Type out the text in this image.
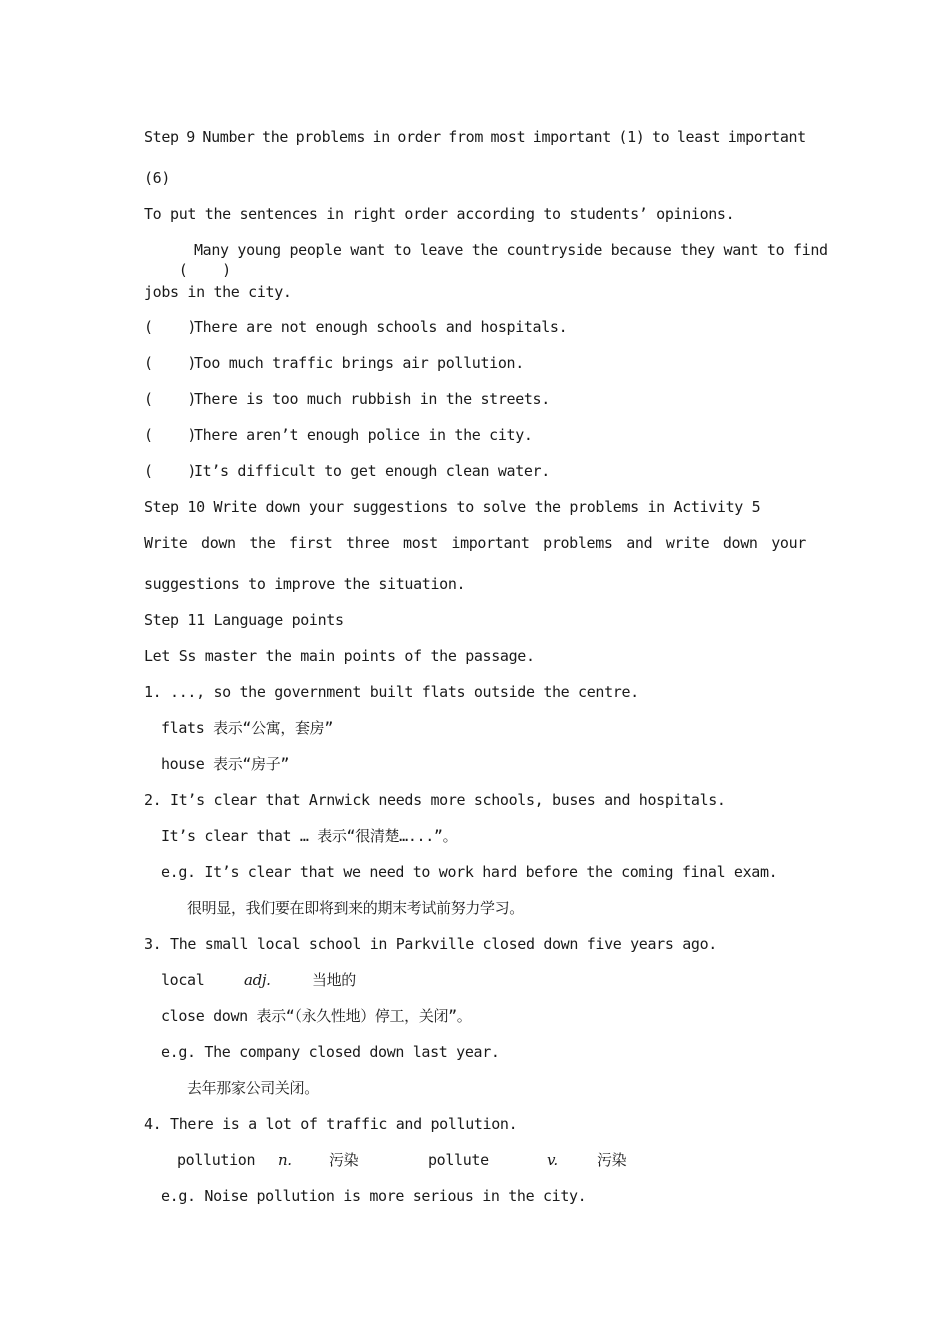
Step 9 Number the problems in order from most important (1) to least important
(6)
To put the sentences in right order according to students’ opinions.

(    )

Many young people want to leave the countryside because they want to find
jobs in the city.
(    )
There are not enough schools and hospitals.
(    )
Too much traffic brings air pollution.
(    )
There is too much rubbish in the streets.
(    )
There aren’t enough police in the city.
(    )
It’s difficult to get enough clean water.
Step 10 Write down your suggestions to solve the problems in Activity 5
Write down the first three most important problems and write down your
suggestions to improve the situation.
Step 11 Language points
Let Ss master the main points of the passage.
1. ..., so the government built flats outside the centre.
flats 表示“公寓，套房”
house 表示“房子”
2. It’s clear that Arnwick needs more schools, buses and hospitals.
It’s clear that … 表示“很清楚…...”。
e.g. It’s clear that we need to work hard before the coming final exam.
很明显，我们要在即将到来的期末考试前努力学习。
3. The small local school in Parkville closed down five years ago.
local	adj.	当地的
close down 表示“（永久性地）停工，关闭”。
e.g. The company closed down last year.
去年那家公司关闭。
4. There is a lot of traffic and pollution.
pollution n. 污染	pollute	v.	污染
e.g. Noise pollution is more serious in the city.
